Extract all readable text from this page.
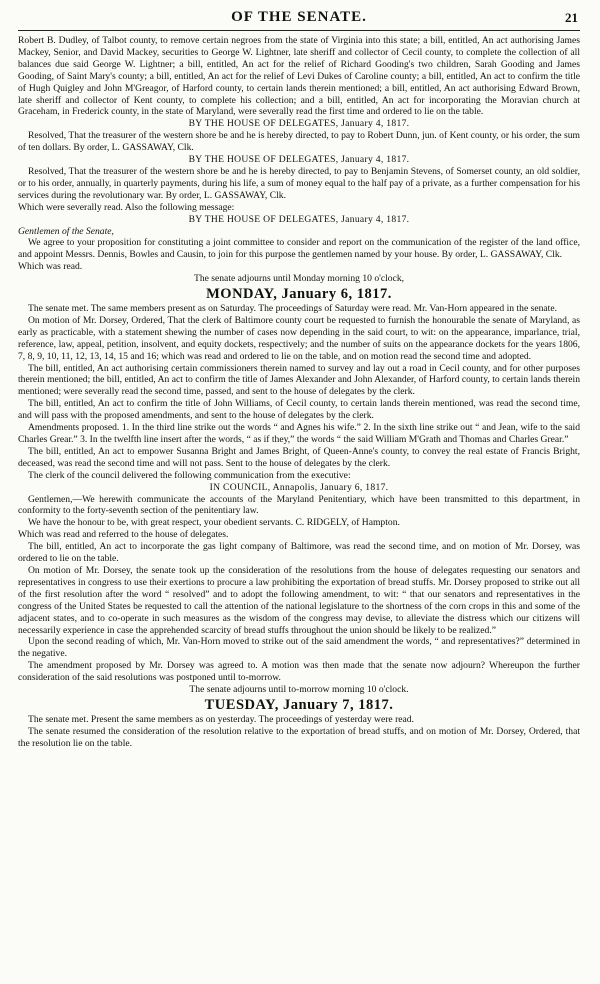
OF THE SENATE.	21

Robert B. Dudley, of Talbot county, to remove certain negroes from the state of Virginia into this state; a bill, entitled, An act authorising James Mackey, Senior, and David Mackey, securities to George W. Lightner, late sheriff and collector of Cecil county, to complete the collection of all balances due said George W. Lightner; a bill, entitled, An act for the relief of Richard Gooding's two children, Sarah Gooding and James Gooding, of Saint Mary's county; a bill, entitled, An act for the relief of Levi Dukes of Caroline county; a bill, entitled, An act to confirm the title of Hugh Quigley and John M'Greagor, of Harford county, to certain lands therein mentioned; a bill, entitled, An act authorising Edward Brown, late sheriff and collector of Kent county, to complete his collection; and a bill, entitled, An act for incorporating the Moravian church at Graceham, in Frederick county, in the state of Maryland, were severally read the first time and ordered to lie on the table.

BY THE HOUSE OF DELEGATES, January 4, 1817.

Resolved, That the treasurer of the western shore be and he is hereby directed, to pay to Robert Dunn, jun. of Kent county, or his order, the sum of ten dollars. By order, L. GASSAWAY, Clk.

BY THE HOUSE OF DELEGATES, January 4, 1817.

Resolved, That the treasurer of the western shore be and he is hereby directed, to pay to Benjamin Stevens, of Somerset county, an old soldier, or to his order, annually, in quarterly payments, during his life, a sum of money equal to the half pay of a private, as a further compensation for his services during the revolutionary war. By order, L. GASSAWAY, Clk.

Which were severally read. Also the following message:

BY THE HOUSE OF DELEGATES, January 4, 1817.

Gentlemen of the Senate,

We agree to your proposition for constituting a joint committee to consider and report on the communication of the register of the land office, and appoint Messrs. Dennis, Bowles and Causin, to join for this purpose the gentlemen named by your house. By order, L. GASSAWAY, Clk.

Which was read.

The senate adjourns until Monday morning 10 o'clock,

MONDAY, January 6, 1817.

The senate met. The same members present as on Saturday. The proceedings of Saturday were read. Mr. Van-Horn appeared in the senate.

On motion of Mr. Dorsey, Ordered, That the clerk of Baltimore county court be requested to furnish the honourable the senate of Maryland, as early as practicable, with a statement shewing the number of cases now depending in the said court, to wit: on the appearance, imparlance, trial, reference, law, appeal, petition, insolvent, and equity dockets, respectively; and the number of suits on the appearance dockets for the years 1806, 7, 8, 9, 10, 11, 12, 13, 14, 15 and 16; which was read and ordered to lie on the table, and on motion read the second time and adopted.

The bill, entitled, An act authorising certain commissioners therein named to survey and lay out a road in Cecil county, and for other purposes therein mentioned; the bill, entitled, An act to confirm the title of James Alexander and John Alexander, of Harford county, to certain lands therein mentioned; were severally read the second time, passed, and sent to the house of delegates by the clerk.

The bill, entitled, An act to confirm the title of John Williams, of Cecil county, to certain lands therein mentioned, was read the second time, and will pass with the proposed amendments, and sent to the house of delegates by the clerk.

Amendments proposed. 1. In the third line strike out the words “ and Agnes his wife.” 2. In the sixth line strike out “ and Jean, wife to the said Charles Grear.” 3. In the twelfth line insert after the words, “ as if they,” the words “ the said William M'Grath and Thomas and Charles Grear.”

The bill, entitled, An act to empower Susanna Bright and James Bright, of Queen-Anne's county, to convey the real estate of Francis Bright, deceased, was read the second time and will not pass. Sent to the house of delegates by the clerk.

The clerk of the council delivered the following communication from the executive:

IN COUNCIL, Annapolis, January 6, 1817.

Gentlemen,—We herewith communicate the accounts of the Maryland Penitentiary, which have been transmitted to this department, in conformity to the forty-seventh section of the penitentiary law.

We have the honour to be, with great respect, your obedient servants. C. RIDGELY, of Hampton.

Which was read and referred to the house of delegates.

The bill, entitled, An act to incorporate the gas light company of Baltimore, was read the second time, and on motion of Mr. Dorsey, was ordered to lie on the table.

On motion of Mr. Dorsey, the senate took up the consideration of the resolutions from the house of delegates requesting our senators and representatives in congress to use their exertions to procure a law prohibiting the exportation of bread stuffs. Mr. Dorsey proposed to strike out all of the first resolution after the word “ resolved” and to adopt the following amendment, to wit: “ that our senators and representatives in the congress of the United States be requested to call the attention of the national legislature to the shortness of the corn crops in this and some of the adjacent states, and to co-operate in such measures as the wisdom of the congress may devise, to alleviate the distress which our citizens will necessarily experience in case the apprehended scarcity of bread stuffs throughout the union should be likely to be realized.”

Upon the second reading of which, Mr. Van-Horn moved to strike out of the said amendment the words, “ and representatives?” determined in the negative.

The amendment proposed by Mr. Dorsey was agreed to. A motion was then made that the senate now adjourn? Whereupon the further consideration of the said resolutions was postponed until to-morrow.

The senate adjourns until to-morrow morning 10 o'clock.

TUESDAY, January 7, 1817.

The senate met. Present the same members as on yesterday. The proceedings of yesterday were read.

The senate resumed the consideration of the resolution relative to the exportation of bread stuffs, and on motion of Mr. Dorsey, Ordered, that the resolution lie on the table.
